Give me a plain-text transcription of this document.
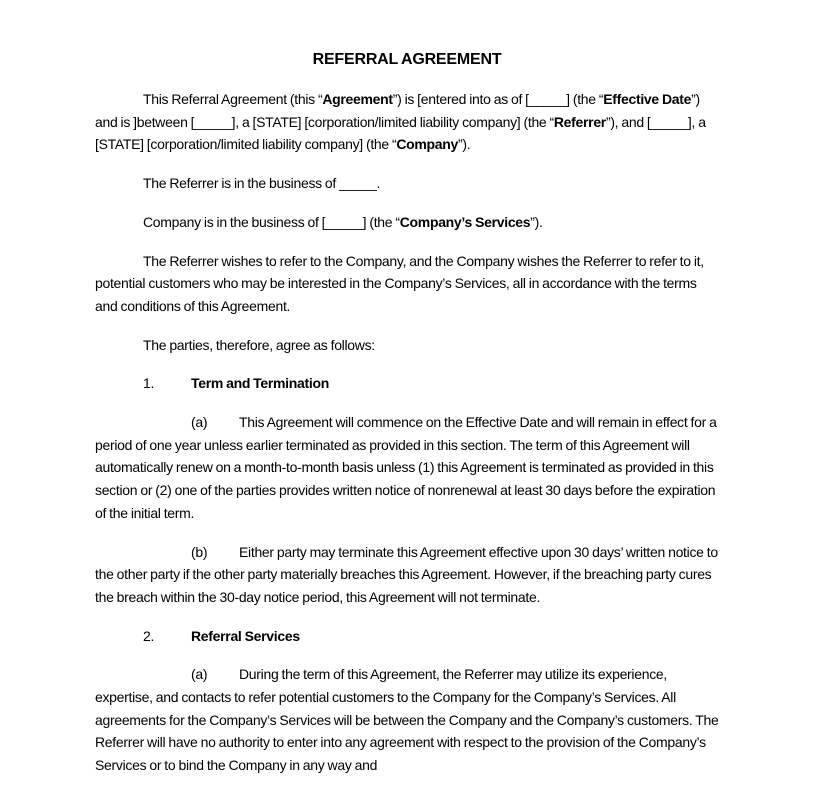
REFERRAL AGREEMENT

This Referral Agreement (this “Agreement”) is [entered into as of [_____] (the “Effective Date”) and is ]between [_____], a [STATE] [corporation/limited liability company] (the “Referrer”), and [_____], a [STATE] [corporation/limited liability company] (the “Company”).

The Referrer is in the business of _____.

Company is in the business of [_____] (the “Company’s Services”).

The Referrer wishes to refer to the Company, and the Company wishes the Referrer to refer to it, potential customers who may be interested in the Company’s Services, all in accordance with the terms and conditions of this Agreement.

The parties, therefore, agree as follows:

1.	Term and Termination

(a) This Agreement will commence on the Effective Date and will remain in effect for a period of one year unless earlier terminated as provided in this section. The term of this Agreement will automatically renew on a month-to-month basis unless (1) this Agreement is terminated as provided in this section or (2) one of the parties provides written notice of nonrenewal at least 30 days before the expiration of the initial term.

(b) Either party may terminate this Agreement effective upon 30 days’ written notice to the other party if the other party materially breaches this Agreement. However, if the breaching party cures the breach within the 30-day notice period, this Agreement will not terminate.

2.	Referral Services

(a) During the term of this Agreement, the Referrer may utilize its experience, expertise, and contacts to refer potential customers to the Company for the Company’s Services. All agreements for the Company’s Services will be between the Company and the Company’s customers. The Referrer will have no authority to enter into any agreement with respect to the provision of the Company’s Services or to bind the Company in any way and
